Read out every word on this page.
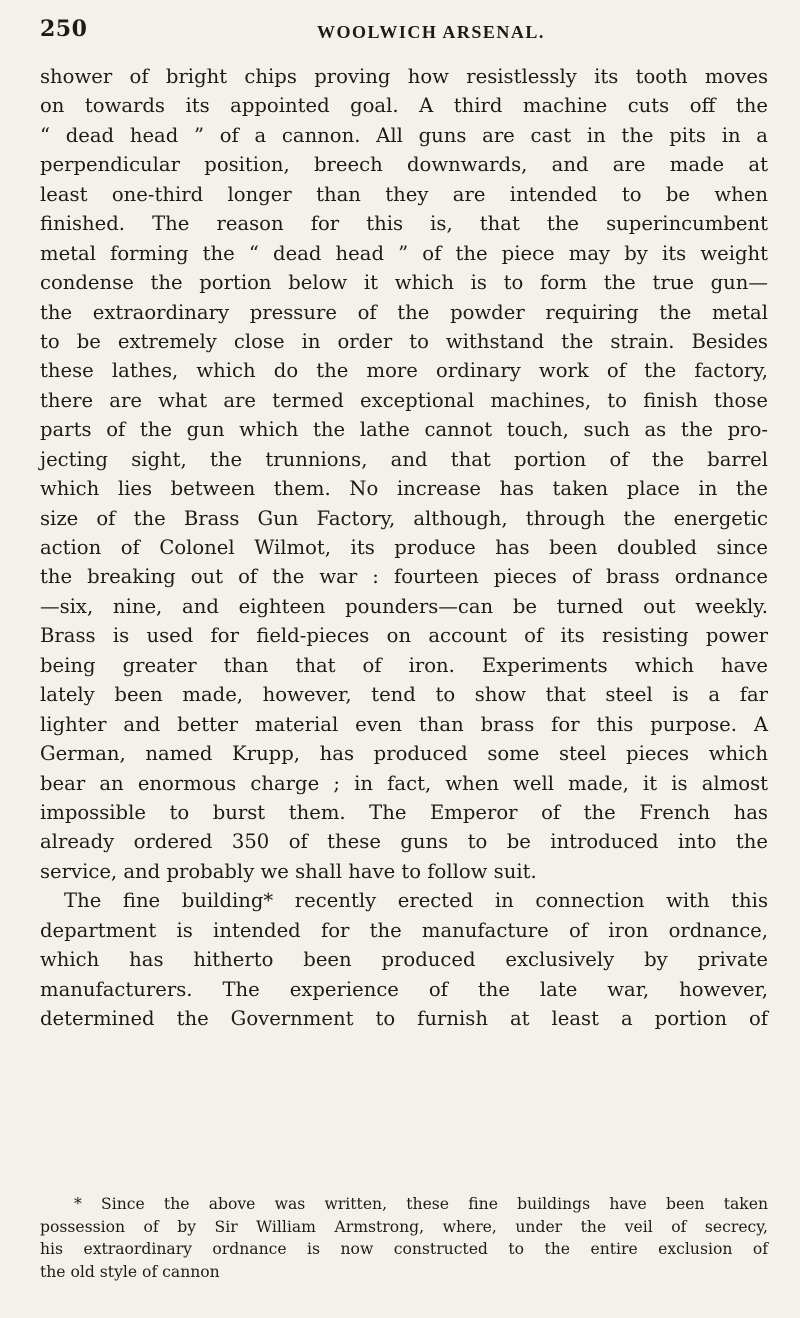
250	WOOLWICH ARSENAL.
shower of bright chips proving how resistlessly its tooth moves
on towards its appointed goal. A third machine cuts off the
“ dead head ” of a cannon. All guns are cast in the pits in a
perpendicular position, breech downwards, and are made at
least one-third longer than they are intended to be when
finished. The reason for this is, that the superincumbent
metal forming the “ dead head ” of the piece may by its weight
condense the portion below it which is to form the true gun—
the extraordinary pressure of the powder requiring the metal
to be extremely close in order to withstand the strain. Besides
these lathes, which do the more ordinary work of the factory,
there are what are termed exceptional machines, to finish those
parts of the gun which the lathe cannot touch, such as the pro-
jecting sight, the trunnions, and that portion of the barrel
which lies between them. No increase has taken place in the
size of the Brass Gun Factory, although, through the energetic
action of Colonel Wilmot, its produce has been doubled since
the breaking out of the war : fourteen pieces of brass ordnance
—six, nine, and eighteen pounders—can be turned out weekly.
Brass is used for field-pieces on account of its resisting power
being greater than that of iron. Experiments which have
lately been made, however, tend to show that steel is a far
lighter and better material even than brass for this purpose. A
German, named Krupp, has produced some steel pieces which
bear an enormous charge ; in fact, when well made, it is almost
impossible to burst them. The Emperor of the French has
already ordered 350 of these guns to be introduced into the
service, and probably we shall have to follow suit.
The fine building* recently erected in connection with this
department is intended for the manufacture of iron ordnance,
which has hitherto been produced exclusively by private
manufacturers. The experience of the late war, however,
determined the Government to furnish at least a portion of
* Since the above was written, these fine buildings have been taken
possession of by Sir William Armstrong, where, under the veil of secrecy,
his extraordinary ordnance is now constructed to the entire exclusion of
the old style of cannon
